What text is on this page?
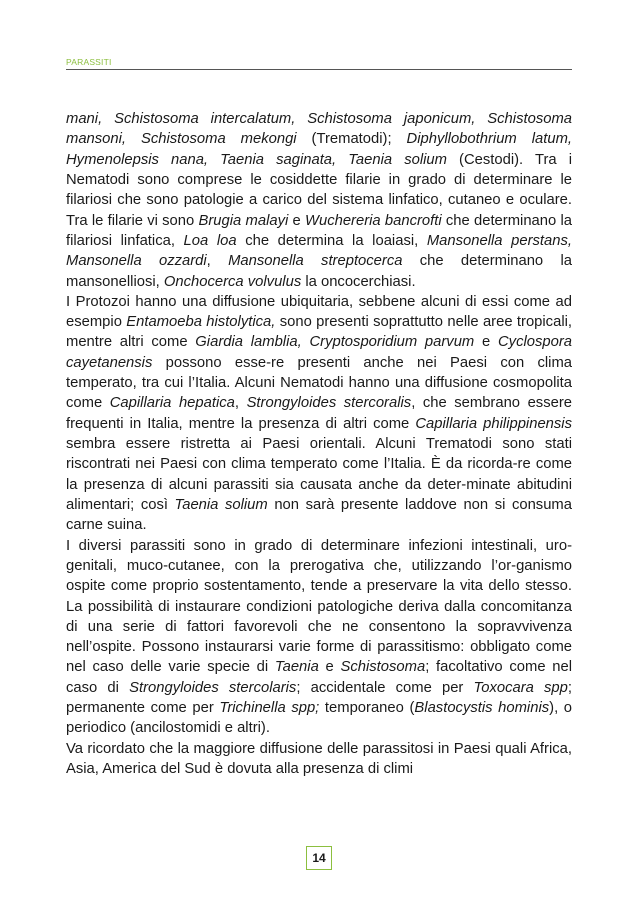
PARASSITI

mani, Schistosoma intercalatum, Schistosoma japonicum, Schistosoma mansoni, Schistosoma mekongi (Trematodi); Diphyllobothrium latum, Hymenolepsis nana, Taenia saginata, Taenia solium (Cestodi). Tra i Nematodi sono comprese le cosiddette filarie in grado di determinare le filariosi che sono patologie a carico del sistema linfatico, cutaneo e oculare. Tra le filarie vi sono Brugia malayi e Wuchereria bancrofti che determinano la filariosi linfatica, Loa loa che determina la loaiasi, Mansonella perstans, Mansonella ozzardi, Mansonella streptocerca che determinano la mansonelliosi, Onchocerca volvulus la oncocerchiasi.

I Protozoi hanno una diffusione ubiquitaria, sebbene alcuni di essi come ad esempio Entamoeba histolytica, sono presenti soprattutto nelle aree tropicali, mentre altri come Giardia lamblia, Cryptosporidium parvum e Cyclospora cayetanensis possono esse-re presenti anche nei Paesi con clima temperato, tra cui l’Italia. Alcuni Nematodi hanno una diffusione cosmopolita come Capillaria hepatica, Strongyloides stercoralis, che sembrano essere frequenti in Italia, mentre la presenza di altri come Capillaria philippinensis sembra essere ristretta ai Paesi orientali. Alcuni Trematodi sono stati riscontrati nei Paesi con clima temperato come l’Italia. È da ricorda-re come la presenza di alcuni parassiti sia causata anche da deter-minate abitudini alimentari; così Taenia solium non sarà presente laddove non si consuma carne suina.

I diversi parassiti sono in grado di determinare infezioni intestinali, uro-genitali, muco-cutanee, con la prerogativa che, utilizzando l’or-ganismo ospite come proprio sostentamento, tende a preservare la vita dello stesso. La possibilità di instaurare condizioni patologiche deriva dalla concomitanza di una serie di fattori favorevoli che ne consentono la sopravvivenza nell’ospite. Possono instaurarsi varie forme di parassitismo: obbligato come nel caso delle varie specie di Taenia e Schistosoma; facoltativo come nel caso di Strongyloides stercolaris; accidentale come per Toxocara spp; permanente come per Trichinella spp; temporaneo (Blastocystis hominis), o periodico (ancilostomidi e altri).

Va ricordato che la maggiore diffusione delle parassitosi in Paesi quali Africa, Asia, America del Sud è dovuta alla presenza di climi

14
